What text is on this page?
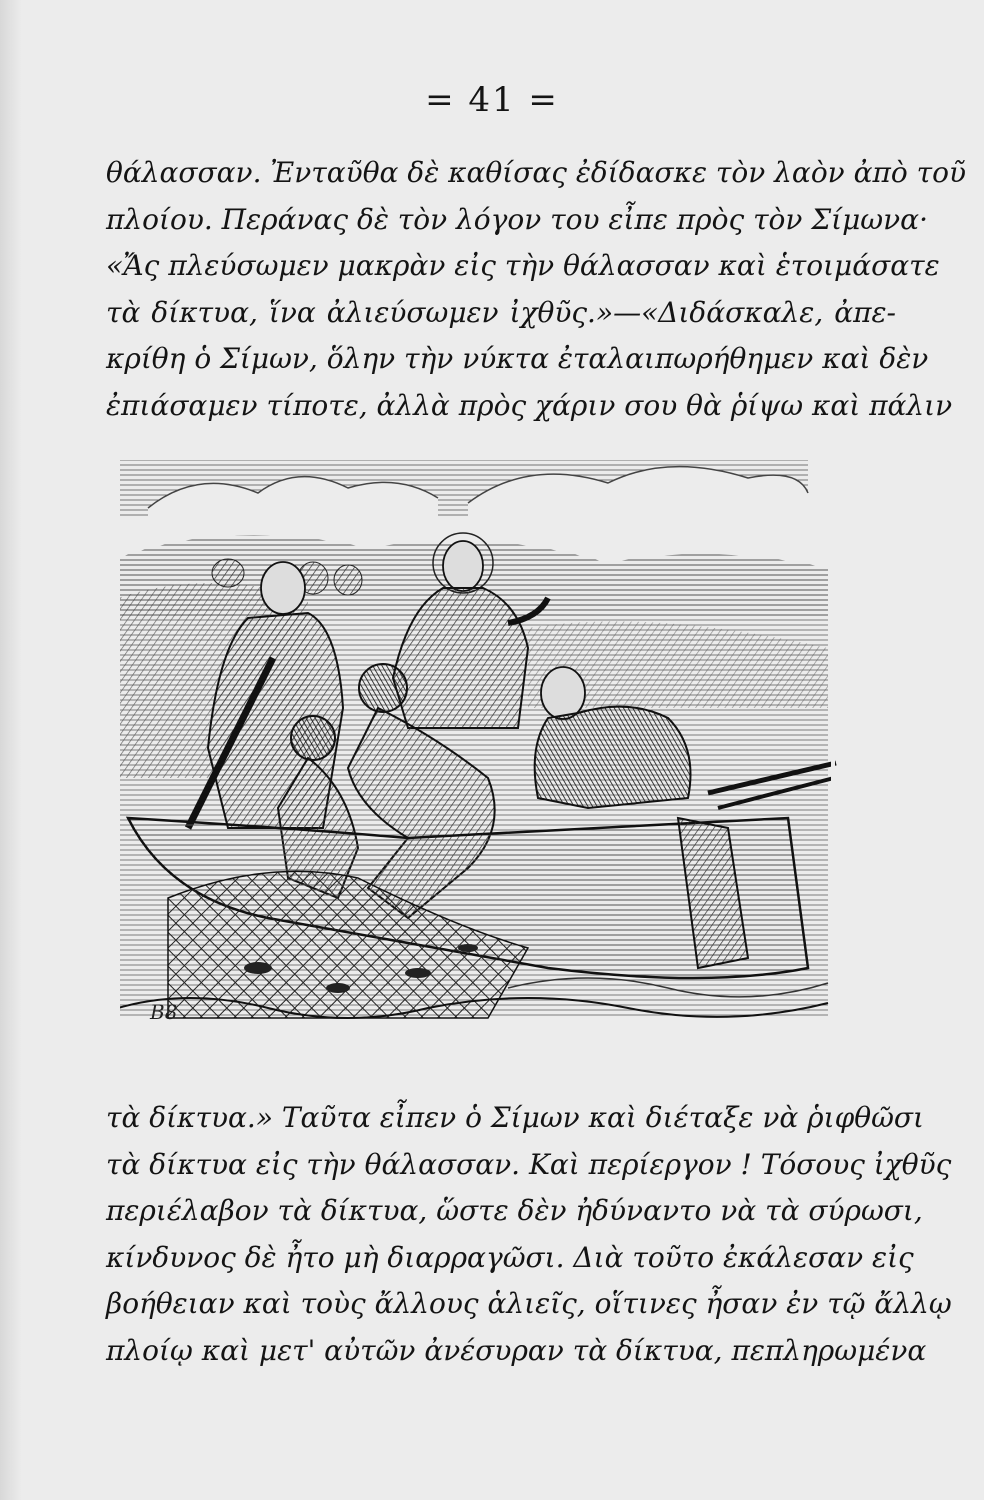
= 41 =
θάλασσαν. Ἐνταῦθα δὲ καθίσας ἐδίδασκε τὸν λαὸν ἀπὸ τοῦ
πλοίου. Περάνας δὲ τὸν λόγον του εἶπε πρὸς τὸν Σίμωνα·
«Ἄς πλεύσωμεν μακρὰν εἰς τὴν θάλασσαν καὶ ἑτοιμάσατε
τὰ δίκτυα, ἵνα ἀλιεύσωμεν ἰχθῦς.»—«Διδάσκαλε, ἀπε-
κρίθη ὁ Σίμων, ὅλην τὴν νύκτα ἐταλαιπωρήθημεν καὶ δὲν
ἐπιάσαμεν τίποτε, ἀλλὰ πρὸς χάριν σου θὰ ῥίψω καὶ πάλιν
B8
τὰ δίκτυα.» Ταῦτα εἶπεν ὁ Σίμων καὶ διέταξε νὰ ῥιφθῶσι
τὰ δίκτυα εἰς τὴν θάλασσαν. Καὶ περίεργον ! Τόσους ἰχθῦς
περιέλαβον τὰ δίκτυα, ὥστε δὲν ἠδύναντο νὰ τὰ σύρωσι,
κίνδυνος δὲ ἦτο μὴ διαρραγῶσι. Διὰ τοῦτο ἐκάλεσαν εἰς
βοήθειαν καὶ τοὺς ἄλλους ἁλιεῖς, οἵτινες ἦσαν ἐν τῷ ἄλλῳ
πλοίῳ καὶ μετ' αὐτῶν ἀνέσυραν τὰ δίκτυα, πεπληρωμένα
